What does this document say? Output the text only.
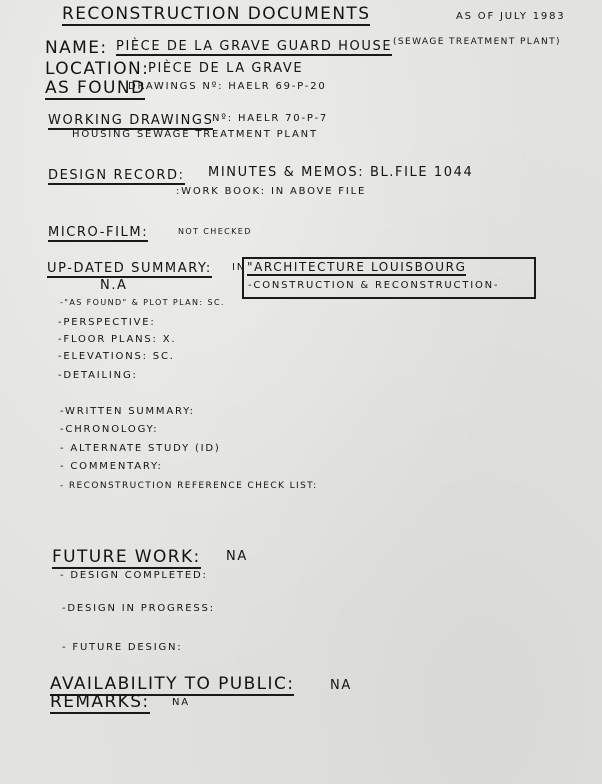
RECONSTRUCTION DOCUMENTS	AS OF JULY 1983
NAME: PIÈCE DE LA GRAVE GUARD HOUSE (SEWAGE TREATMENT PLANT)
LOCATION:
PIÈCE DE LA GRAVE
AS FOUND
DRAWINGS Nº: HAELR 69-P-20
WORKING DRAWINGS
Nº: HAELR 70-P-7
HOUSING SEWAGE TREATMENT PLANT
DESIGN RECORD: MINUTES & MEMOS: BL.FILE 1044
:WORK BOOK: IN ABOVE FILE
MICRO-FILM:	NOT CHECKED
UP-DATED SUMMARY: IN
N.A
"ARCHITECTURE LOUISBOURG
-CONSTRUCTION & RECONSTRUCTION-
-"AS FOUND" & PLOT PLAN: SC.
-PERSPECTIVE:
-FLOOR PLANS: X.
-ELEVATIONS: SC.
-DETAILING:
-WRITTEN SUMMARY:
-CHRONOLOGY:
- ALTERNATE STUDY (ID)
- COMMENTARY:
- RECONSTRUCTION REFERENCE CHECK LIST:
FUTURE WORK: NA
- DESIGN COMPLETED:
-DESIGN IN PROGRESS:
- FUTURE DESIGN:
AVAILABILITY TO PUBLIC:	NA
REMARKS: NA
